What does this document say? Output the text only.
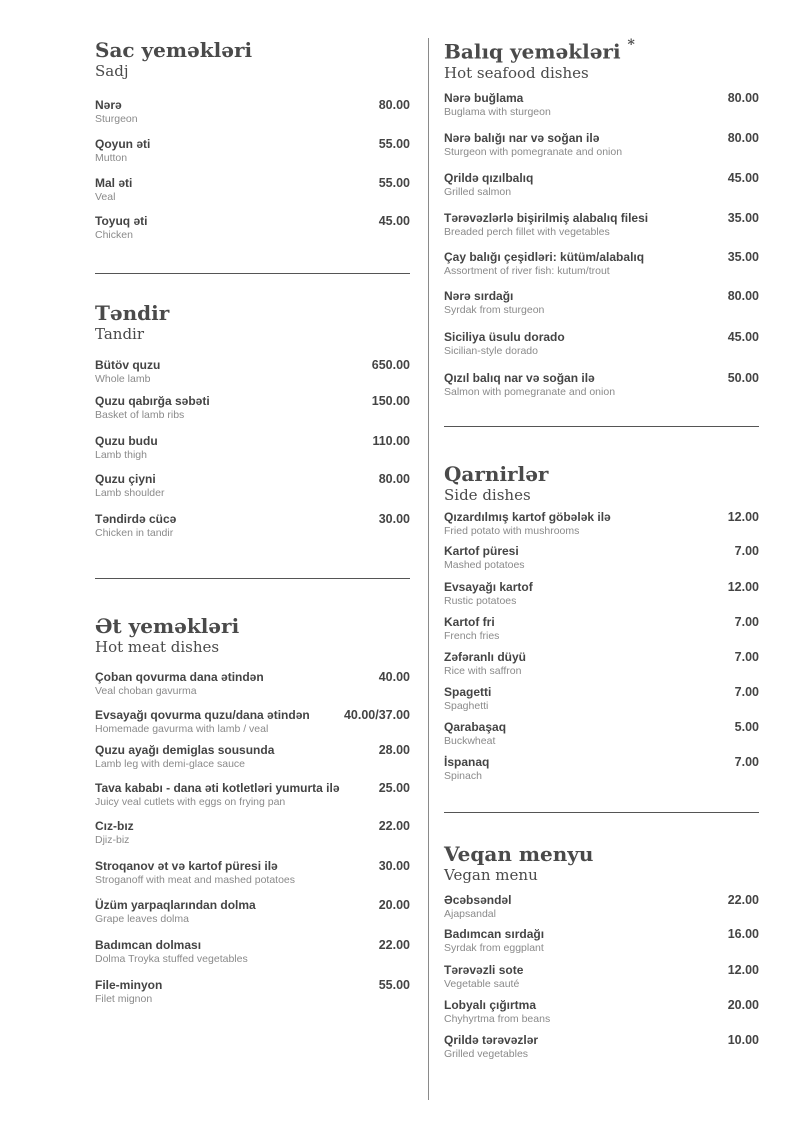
Sac yeməkləri

Sadj

Nərə
Sturgeon
80.00
Qoyun əti
Mutton
55.00
Mal əti
Veal
55.00
Toyuq əti
Chicken
45.00
Təndir

Tandir

Bütöv quzu
Whole lamb
650.00
Quzu qabırğa səbəti
Basket of lamb ribs
150.00
Quzu budu
Lamb thigh
110.00
Quzu çiyni
Lamb shoulder
80.00
Təndirdə cücə
Chicken in tandir
30.00
Ət yeməkləri

Hot meat dishes

Çoban qovurma dana ətindən
Veal choban gavurma
40.00
Evsayağı qovurma quzu/dana ətindən
Homemade gavurma with lamb / veal
40.00/37.00
Quzu ayağı demiglas sousunda
Lamb leg with demi-glace sauce
28.00
Tava kababı - dana əti kotletləri yumurta ilə
Juicy veal cutlets with eggs on frying pan
25.00
Cız-bız
Djiz-biz
22.00
Stroqanov ət və kartof püresi ilə
Stroganoff with meat and mashed potatoes
30.00
Üzüm yarpaqlarından dolma
Grape leaves dolma
20.00
Badımcan dolması
Dolma Troyka stuffed vegetables
22.00
File-minyon
Filet mignon
55.00
Balıq yeməkləri *

Hot seafood dishes

Nərə buğlama
Buglama with sturgeon
80.00
Nərə balığı nar və soğan ilə
Sturgeon with pomegranate and onion
80.00
Qrildə qızılbalıq
Grilled salmon
45.00
Tərəvəzlərlə bişirilmiş alabalıq filesi
Breaded perch fillet with vegetables
35.00
Çay balığı çeşidləri: kütüm/alabalıq
Assortment of river fish: kutum/trout
35.00
Nərə sırdağı
Syrdak from sturgeon
80.00
Siciliya üsulu dorado
Sicilian-style dorado
45.00
Qızıl balıq nar və soğan ilə
Salmon with pomegranate and onion
50.00
Qarnirlər

Side dishes

Qızardılmış kartof göbələk ilə
Fried potato with mushrooms
12.00
Kartof püresi
Mashed potatoes
7.00
Evsayağı kartof
Rustic potatoes
12.00
Kartof fri
French fries
7.00
Zəfəranlı düyü
Rice with saffron
7.00
Spagetti
Spaghetti
7.00
Qarabaşaq
Buckwheat
5.00
İspanaq
Spinach
7.00
Veqan menyu

Vegan menu

Əcəbsəndəl
Ajapsandal
22.00
Badımcan sırdağı
Syrdak from eggplant
16.00
Tərəvəzli sote
Vegetable sauté
12.00
Lobyalı çığırtma
Chyhyrtma from beans
20.00
Qrildə tərəvəzlər
Grilled vegetables
10.00
